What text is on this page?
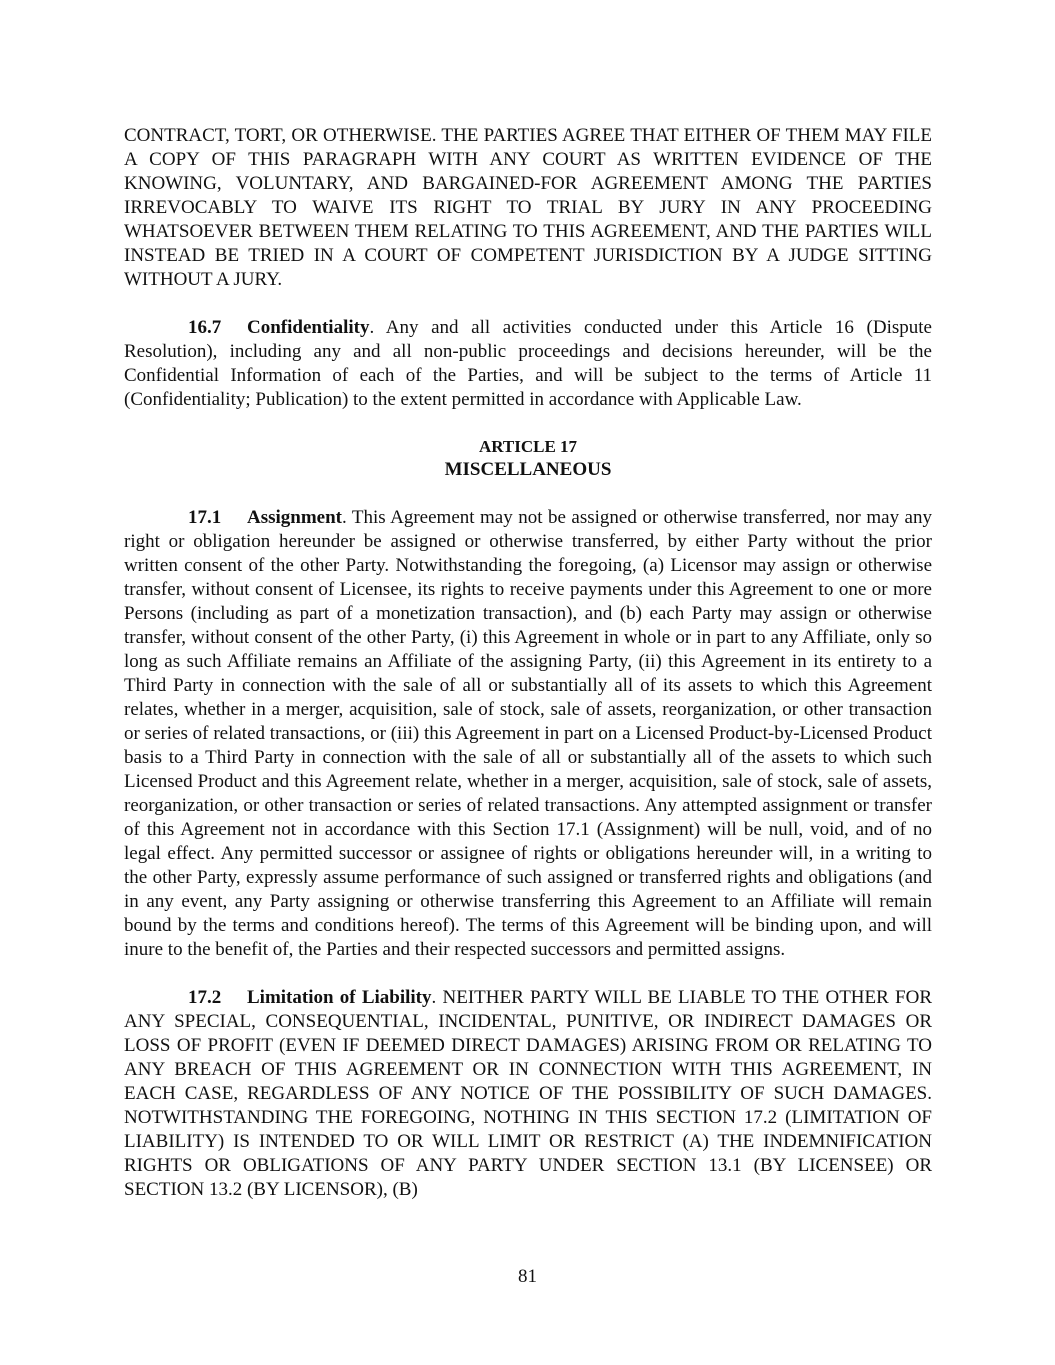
CONTRACT, TORT, OR OTHERWISE. THE PARTIES AGREE THAT EITHER OF THEM MAY FILE A COPY OF THIS PARAGRAPH WITH ANY COURT AS WRITTEN EVIDENCE OF THE KNOWING, VOLUNTARY, AND BARGAINED-FOR AGREEMENT AMONG THE PARTIES IRREVOCABLY TO WAIVE ITS RIGHT TO TRIAL BY JURY IN ANY PROCEEDING WHATSOEVER BETWEEN THEM RELATING TO THIS AGREEMENT, AND THE PARTIES WILL INSTEAD BE TRIED IN A COURT OF COMPETENT JURISDICTION BY A JUDGE SITTING WITHOUT A JURY.

16.7 Confidentiality. Any and all activities conducted under this Article 16 (Dispute Resolution), including any and all non-public proceedings and decisions hereunder, will be the Confidential Information of each of the Parties, and will be subject to the terms of Article 11 (Confidentiality; Publication) to the extent permitted in accordance with Applicable Law.

ARTICLE 17
MISCELLANEOUS

17.1 Assignment. This Agreement may not be assigned or otherwise transferred, nor may any right or obligation hereunder be assigned or otherwise transferred, by either Party without the prior written consent of the other Party. Notwithstanding the foregoing, (a) Licensor may assign or otherwise transfer, without consent of Licensee, its rights to receive payments under this Agreement to one or more Persons (including as part of a monetization transaction), and (b) each Party may assign or otherwise transfer, without consent of the other Party, (i) this Agreement in whole or in part to any Affiliate, only so long as such Affiliate remains an Affiliate of the assigning Party, (ii) this Agreement in its entirety to a Third Party in connection with the sale of all or substantially all of its assets to which this Agreement relates, whether in a merger, acquisition, sale of stock, sale of assets, reorganization, or other transaction or series of related transactions, or (iii) this Agreement in part on a Licensed Product-by-Licensed Product basis to a Third Party in connection with the sale of all or substantially all of the assets to which such Licensed Product and this Agreement relate, whether in a merger, acquisition, sale of stock, sale of assets, reorganization, or other transaction or series of related transactions. Any attempted assignment or transfer of this Agreement not in accordance with this Section 17.1 (Assignment) will be null, void, and of no legal effect. Any permitted successor or assignee of rights or obligations hereunder will, in a writing to the other Party, expressly assume performance of such assigned or transferred rights and obligations (and in any event, any Party assigning or otherwise transferring this Agreement to an Affiliate will remain bound by the terms and conditions hereof). The terms of this Agreement will be binding upon, and will inure to the benefit of, the Parties and their respected successors and permitted assigns.

17.2 Limitation of Liability. NEITHER PARTY WILL BE LIABLE TO THE OTHER FOR ANY SPECIAL, CONSEQUENTIAL, INCIDENTAL, PUNITIVE, OR INDIRECT DAMAGES OR LOSS OF PROFIT (EVEN IF DEEMED DIRECT DAMAGES) ARISING FROM OR RELATING TO ANY BREACH OF THIS AGREEMENT OR IN CONNECTION WITH THIS AGREEMENT, IN EACH CASE, REGARDLESS OF ANY NOTICE OF THE POSSIBILITY OF SUCH DAMAGES. NOTWITHSTANDING THE FOREGOING, NOTHING IN THIS SECTION 17.2 (LIMITATION OF LIABILITY) IS INTENDED TO OR WILL LIMIT OR RESTRICT (A) THE INDEMNIFICATION RIGHTS OR OBLIGATIONS OF ANY PARTY UNDER SECTION 13.1 (BY LICENSEE) OR SECTION 13.2 (BY LICENSOR), (B)

81
